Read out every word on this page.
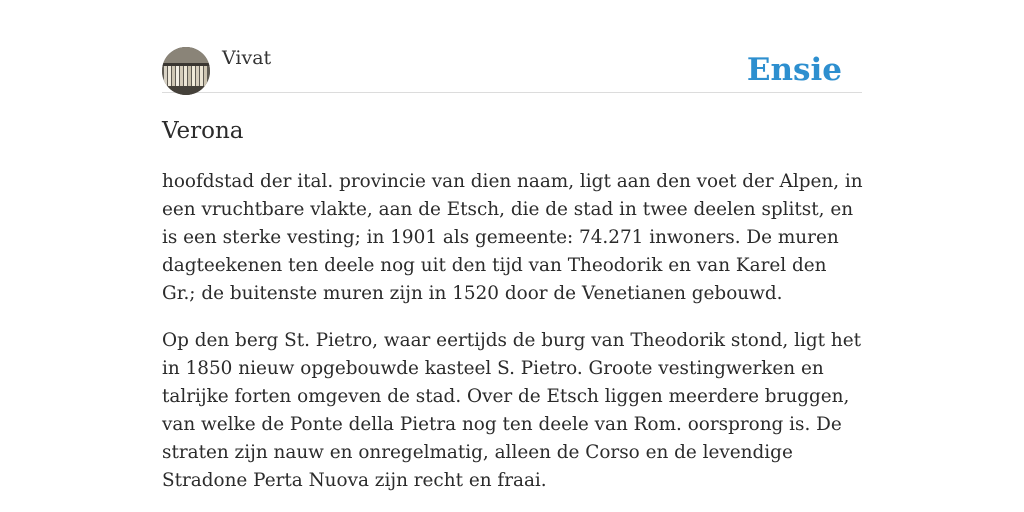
Vivat	Ensie
Verona

hoofdstad der ital. provincie van dien naam, ligt aan den voet der Alpen, in een vruchtbare vlakte, aan de Etsch, die de stad in twee deelen splitst, en is een sterke vesting; in 1901 als gemeente: 74.271 inwoners. De muren dagteekenen ten deele nog uit den tijd van Theodorik en van Karel den Gr.; de buitenste muren zijn in 1520 door de Venetianen gebouwd.

Op den berg St. Pietro, waar eertijds de burg van Theodorik stond, ligt het in 1850 nieuw opgebouwde kasteel S. Pietro. Groote vestingwerken en talrijke forten omgeven de stad. Over de Etsch liggen meerdere bruggen, van welke de Ponte della Pietra nog ten deele van Rom. oorsprong is. De straten zijn nauw en onregelmatig, alleen de Corso en de levendige Stradone Perta Nuova zijn recht en fraai.
